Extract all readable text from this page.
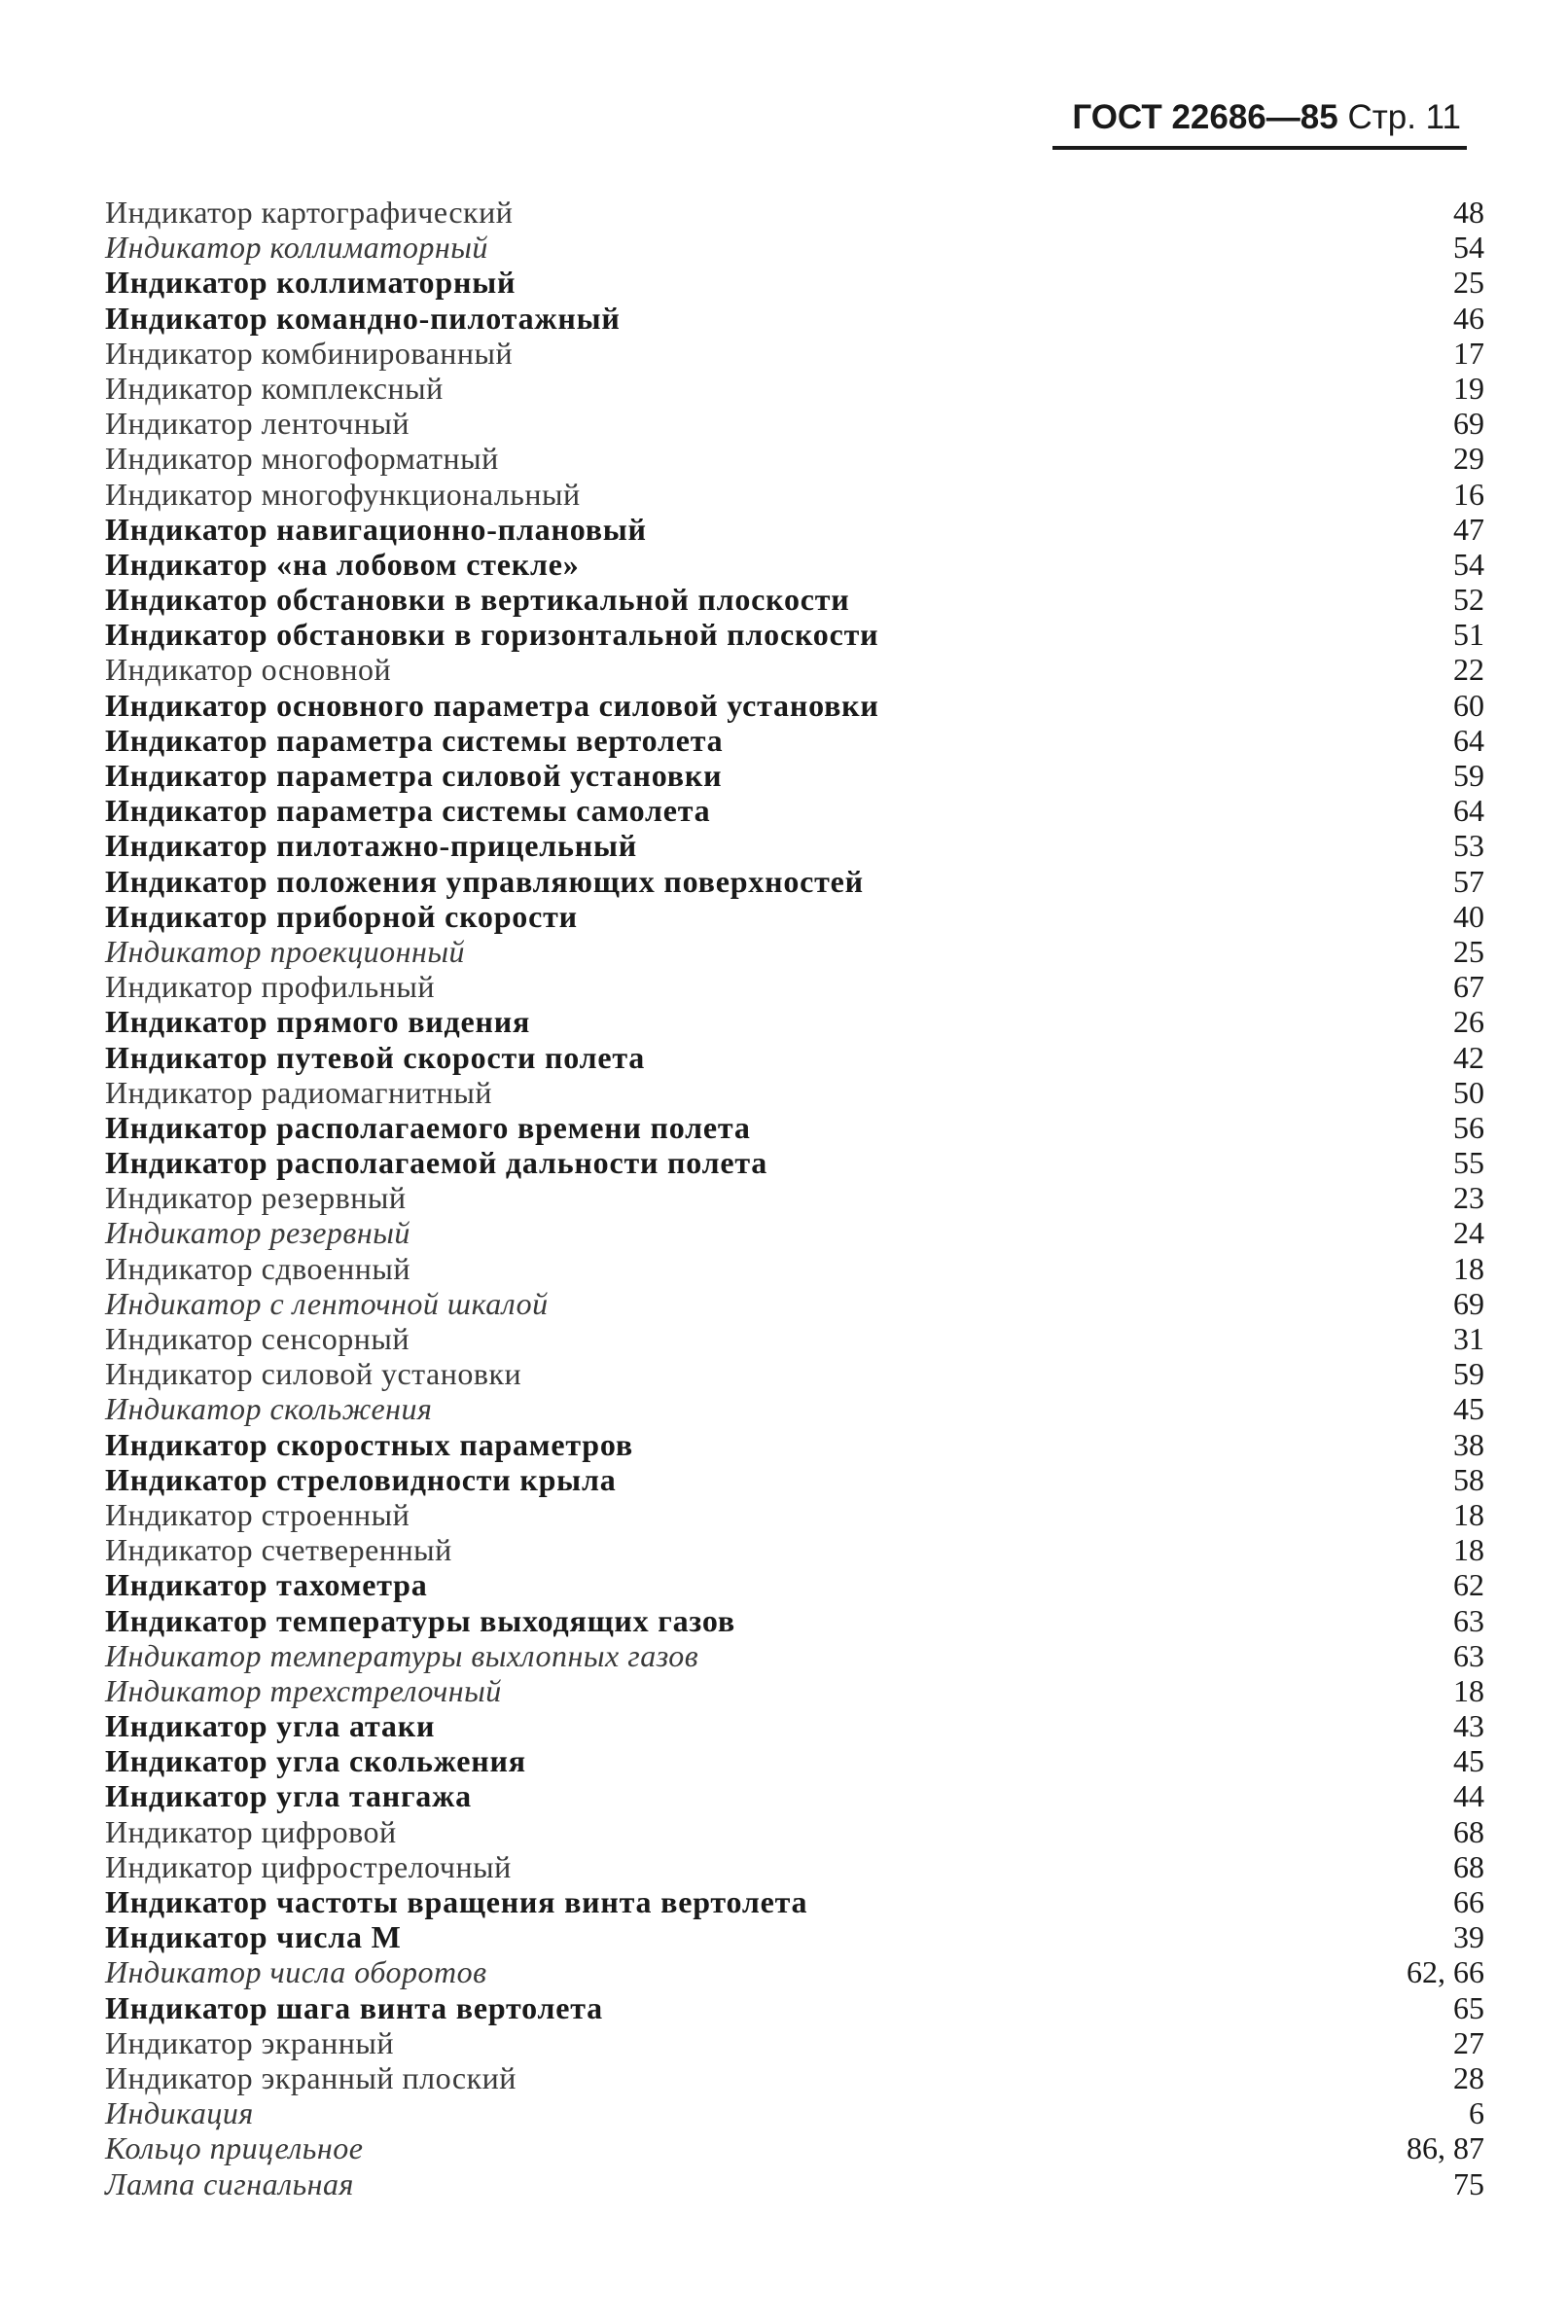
ГОСТ 22686—85 Стр. 11
Индикатор картографический	48
Индикатор коллиматорный	54
Индикатор коллиматорный	25
Индикатор командно-пилотажный	46
Индикатор комбинированный	17
Индикатор комплексный	19
Индикатор ленточный	69
Индикатор многоформатный	29
Индикатор многофункциональный	16
Индикатор навигационно-плановый	47
Индикатор «на лобовом стекле»	54
Индикатор обстановки в вертикальной плоскости	52
Индикатор обстановки в горизонтальной плоскости	51
Индикатор основной	22
Индикатор основного параметра силовой установки	60
Индикатор параметра системы вертолета	64
Индикатор параметра силовой установки	59
Индикатор параметра системы самолета	64
Индикатор пилотажно-прицельный	53
Индикатор положения управляющих поверхностей	57
Индикатор приборной скорости	40
Индикатор проекционный	25
Индикатор профильный	67
Индикатор прямого видения	26
Индикатор путевой скорости полета	42
Индикатор радиомагнитный	50
Индикатор располагаемого времени полета	56
Индикатор располагаемой дальности полета	55
Индикатор резервный	23
Индикатор резервный	24
Индикатор сдвоенный	18
Индикатор с ленточной шкалой	69
Индикатор сенсорный	31
Индикатор силовой установки	59
Индикатор скольжения	45
Индикатор скоростных параметров	38
Индикатор стреловидности крыла	58
Индикатор строенный	18
Индикатор счетверенный	18
Индикатор тахометра	62
Индикатор температуры выходящих газов	63
Индикатор температуры выхлопных газов	63
Индикатор трехстрелочный	18
Индикатор угла атаки	43
Индикатор угла скольжения	45
Индикатор угла тангажа	44
Индикатор цифровой	68
Индикатор цифрострелочный	68
Индикатор частоты вращения винта вертолета	66
Индикатор числа М	39
Индикатор числа оборотов	62, 66
Индикатор шага винта вертолета	65
Индикатор экранный	27
Индикатор экранный плоский	28
Индикация	6
Кольцо прицельное	86, 87
Лампа сигнальная	75
